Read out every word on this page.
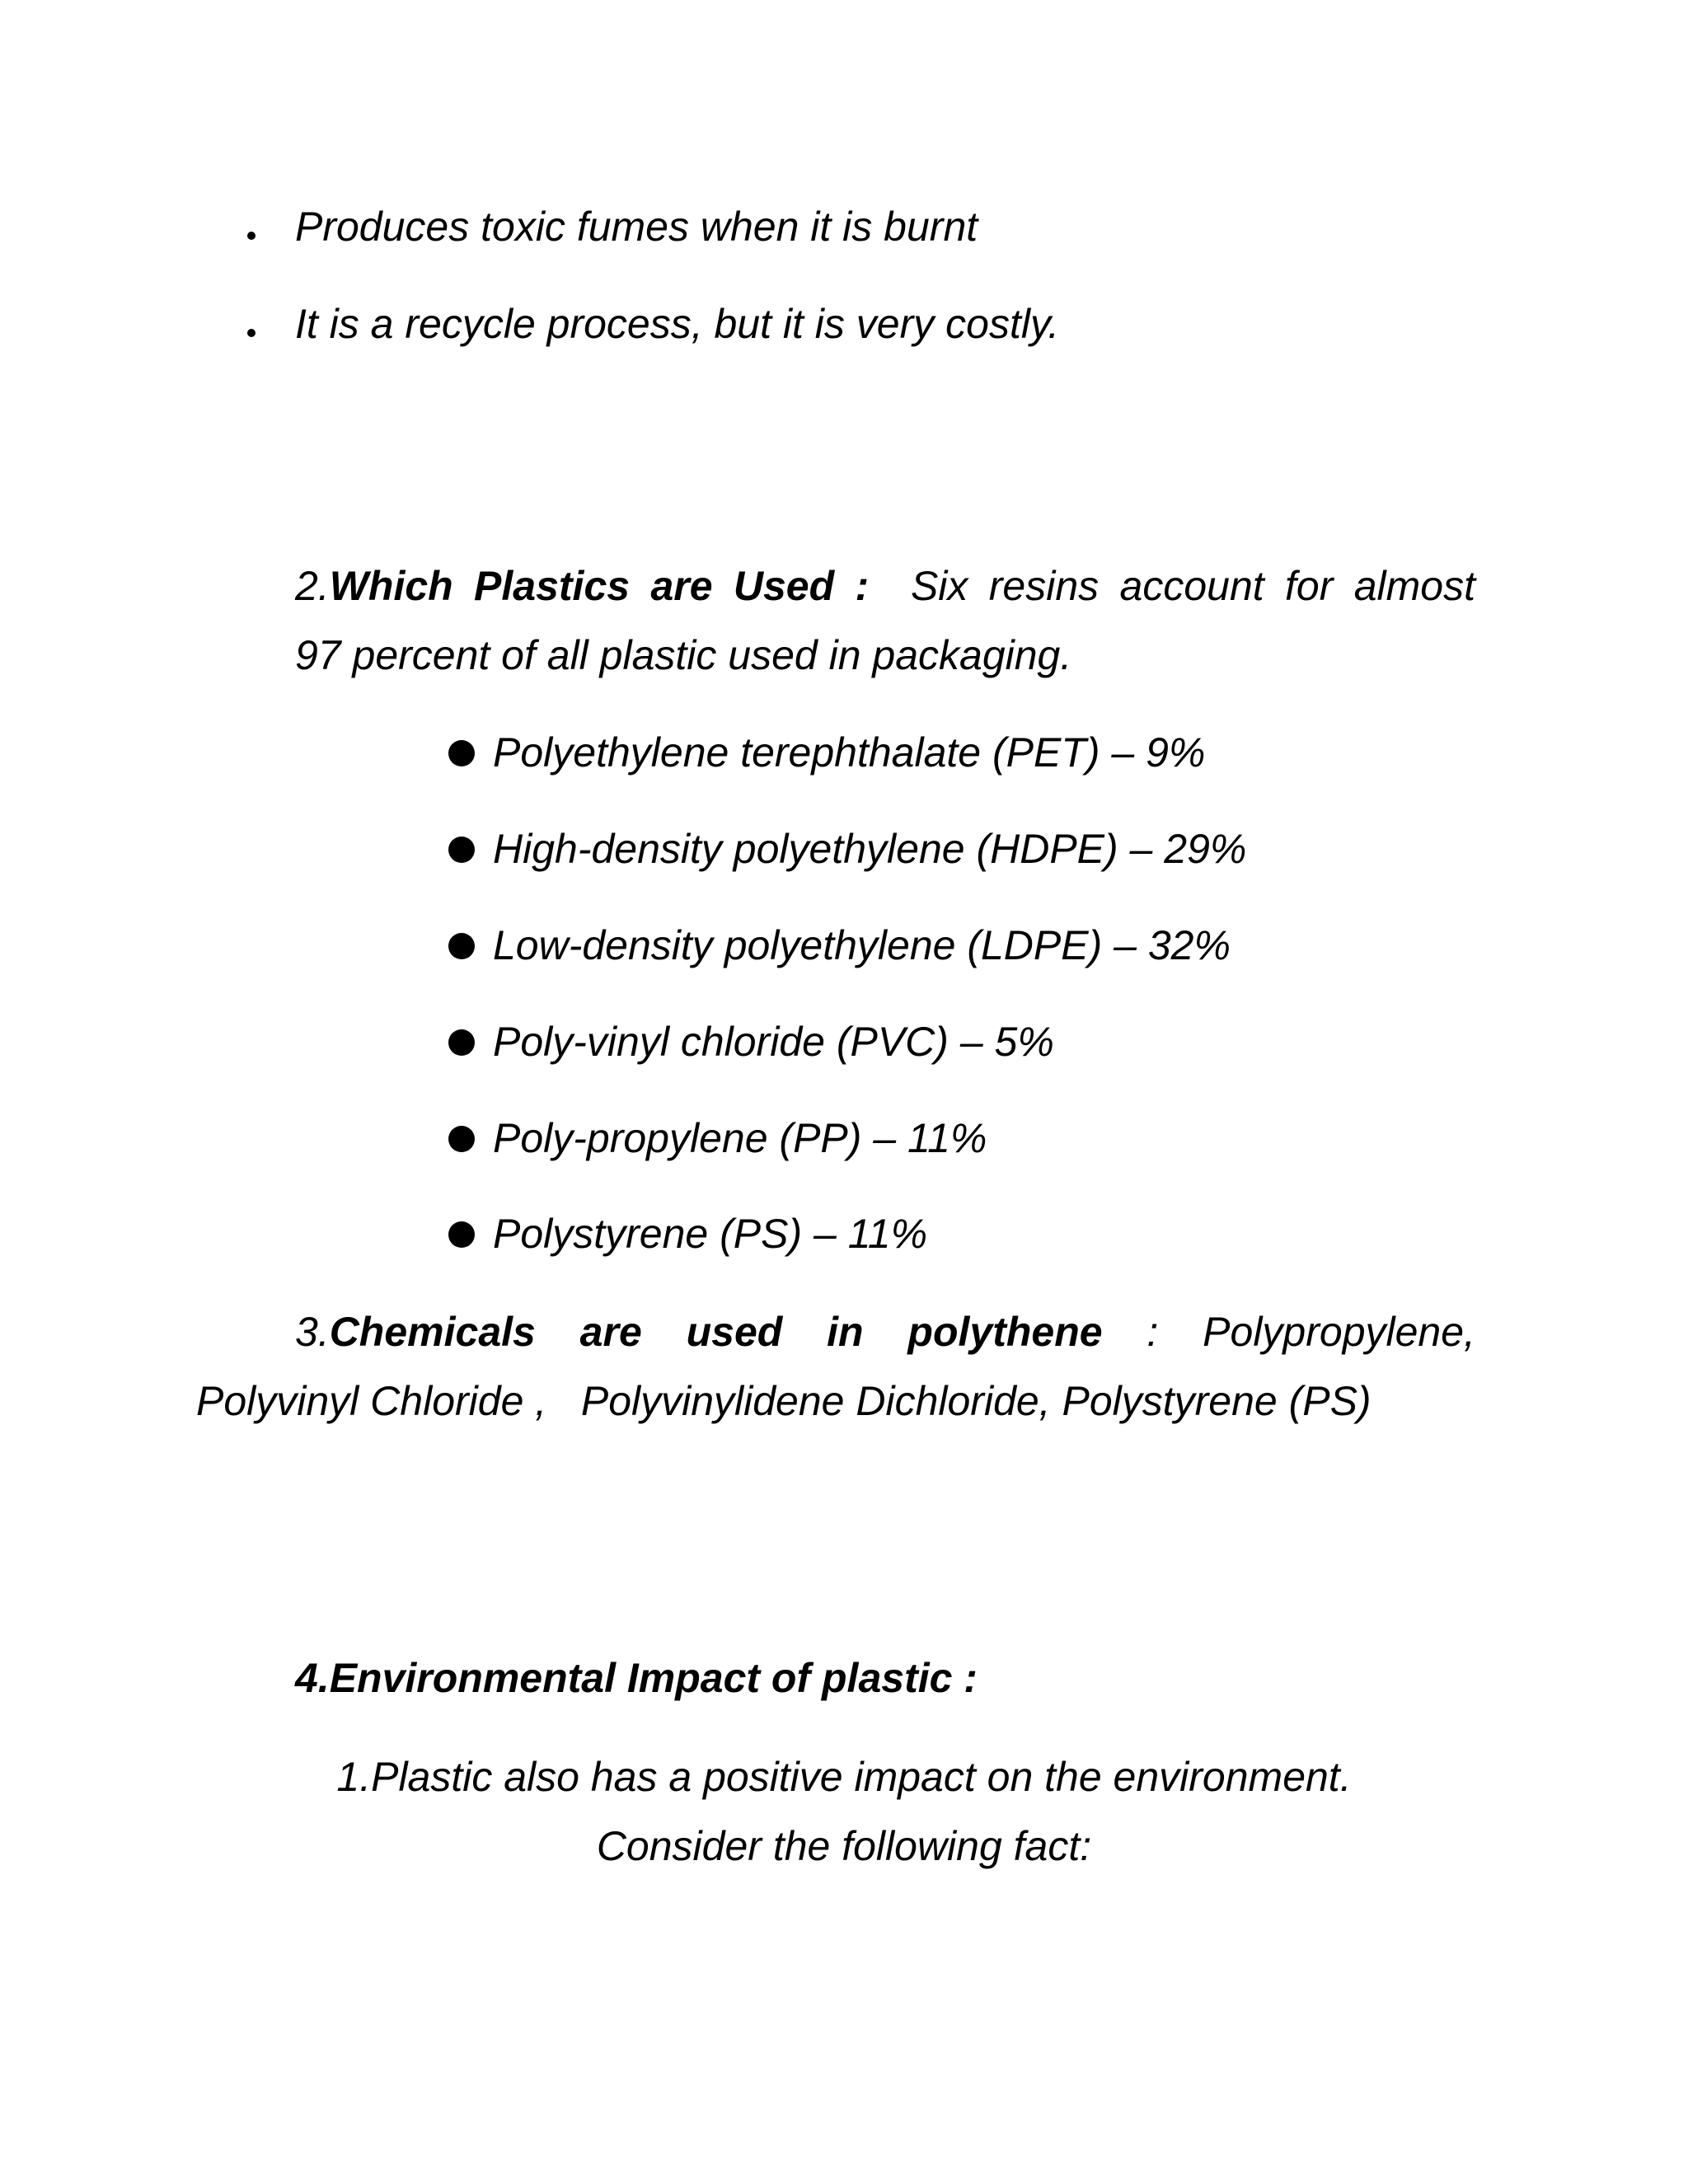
Produces toxic fumes when it is burnt

It is a recycle process, but it is very costly.

2.Which Plastics are Used : Six resins account for almost

97 percent of all plastic used in packaging.

Polyethylene terephthalate (PET) – 9%

High-density polyethylene (HDPE) – 29%

Low-density polyethylene (LDPE) – 32%

Poly-vinyl chloride (PVC) – 5%

Poly-propylene (PP) – 11%

Polystyrene (PS) – 11%

3.Chemicals are used in polythene : Polypropylene,

Polyvinyl Chloride ,   Polyvinylidene Dichloride, Polystyrene (PS)

4.Environmental Impact of plastic :

1.Plastic also has a positive impact on the environment.
Consider the following fact:
